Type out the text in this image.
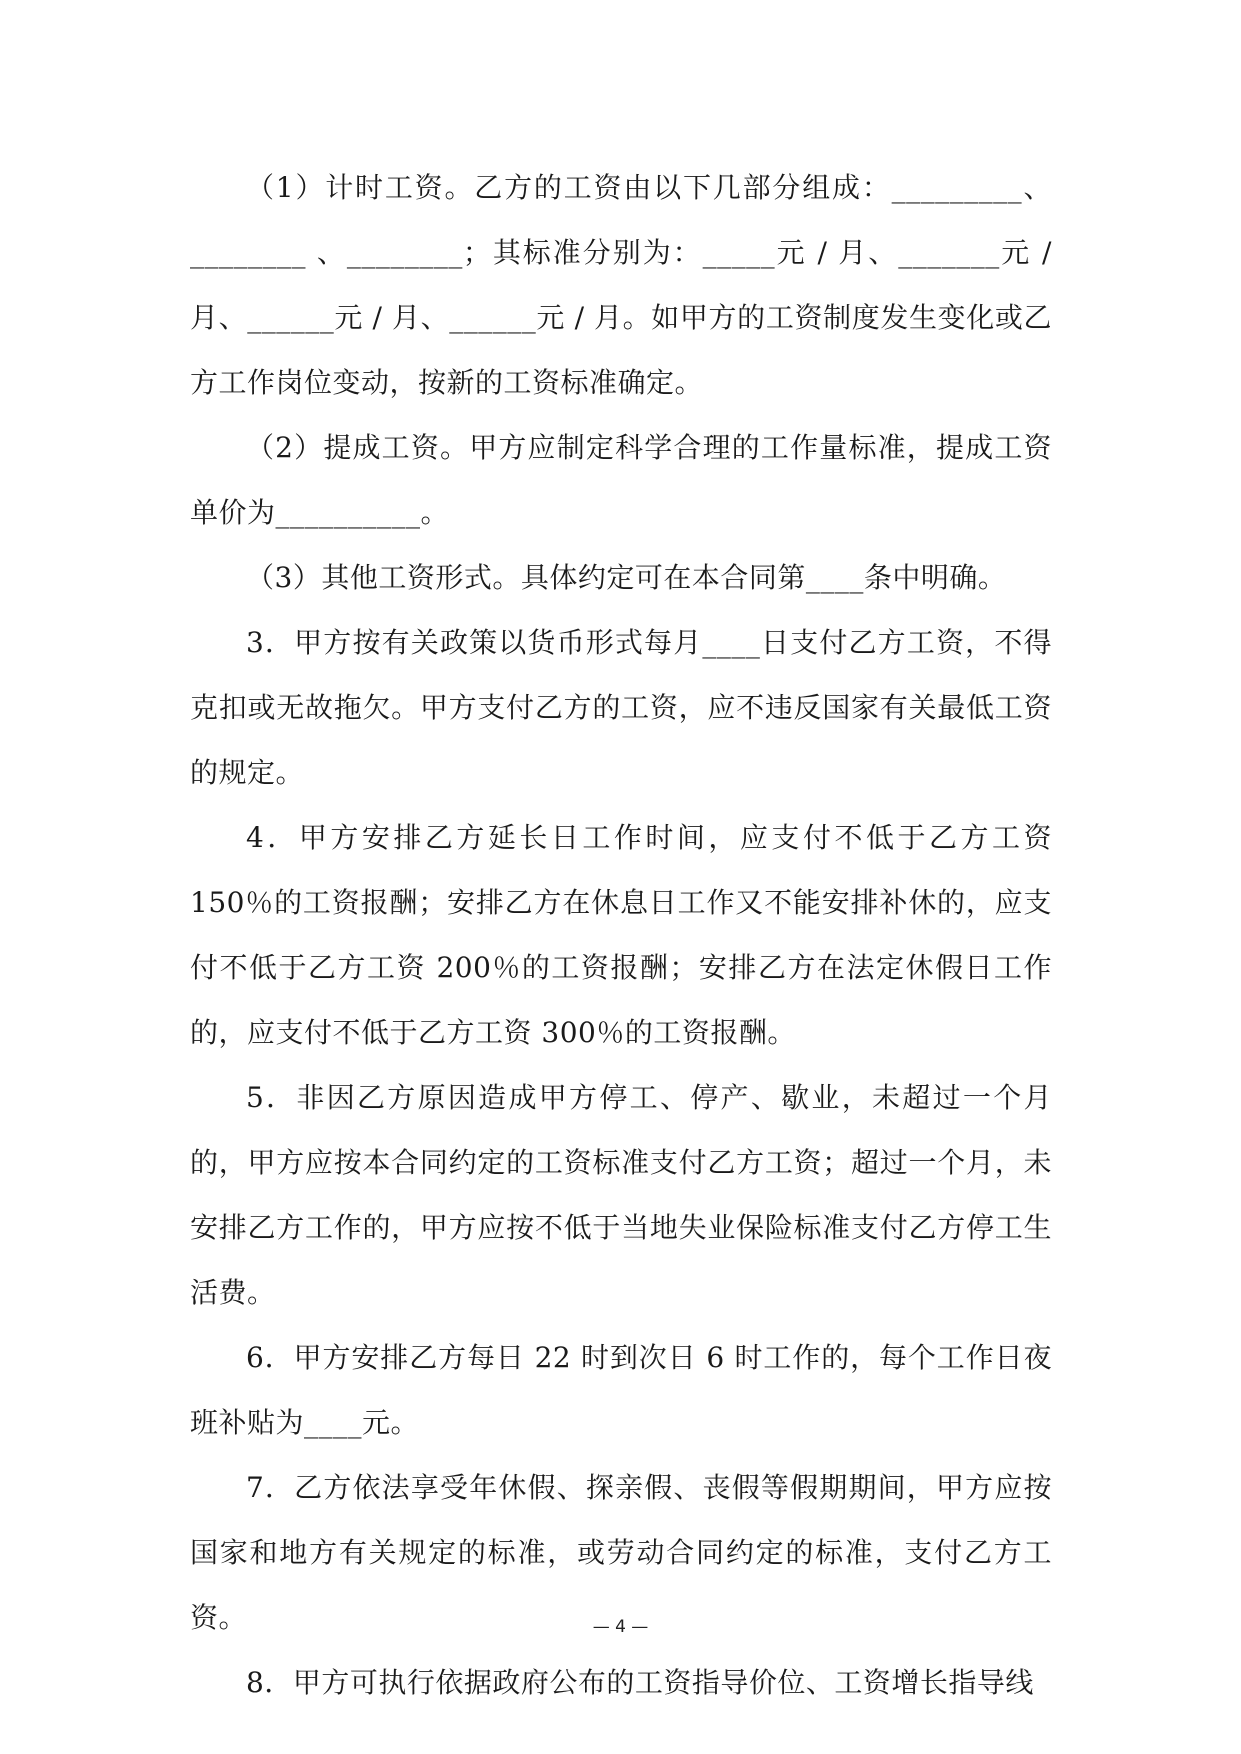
（1）计时工资。乙方的工资由以下几部分组成：_________、________ 、________；其标准分别为：_____元 / 月、_______元 / 月、______元 / 月、______元 / 月。如甲方的工资制度发生变化或乙方工作岗位变动，按新的工资标准确定。

（2）提成工资。甲方应制定科学合理的工作量标准，提成工资单价为__________。

（3）其他工资形式。具体约定可在本合同第____条中明确。

3．甲方按有关政策以货币形式每月____日支付乙方工资，不得克扣或无故拖欠。甲方支付乙方的工资，应不违反国家有关最低工资的规定。

4．甲方安排乙方延长日工作时间，应支付不低于乙方工资 150％的工资报酬；安排乙方在休息日工作又不能安排补休的，应支付不低于乙方工资 200％的工资报酬；安排乙方在法定休假日工作的，应支付不低于乙方工资 300％的工资报酬。

5．非因乙方原因造成甲方停工、停产、歇业，未超过一个月的，甲方应按本合同约定的工资标准支付乙方工资；超过一个月，未安排乙方工作的，甲方应按不低于当地失业保险标准支付乙方停工生活费。

6．甲方安排乙方每日 22 时到次日 6 时工作的，每个工作日夜班补贴为____元。

7．乙方依法享受年休假、探亲假、丧假等假期期间，甲方应按国家和地方有关规定的标准，或劳动合同约定的标准，支付乙方工资。

8．甲方可执行依据政府公布的工资指导价位、工资增长指导线

— 4 —
